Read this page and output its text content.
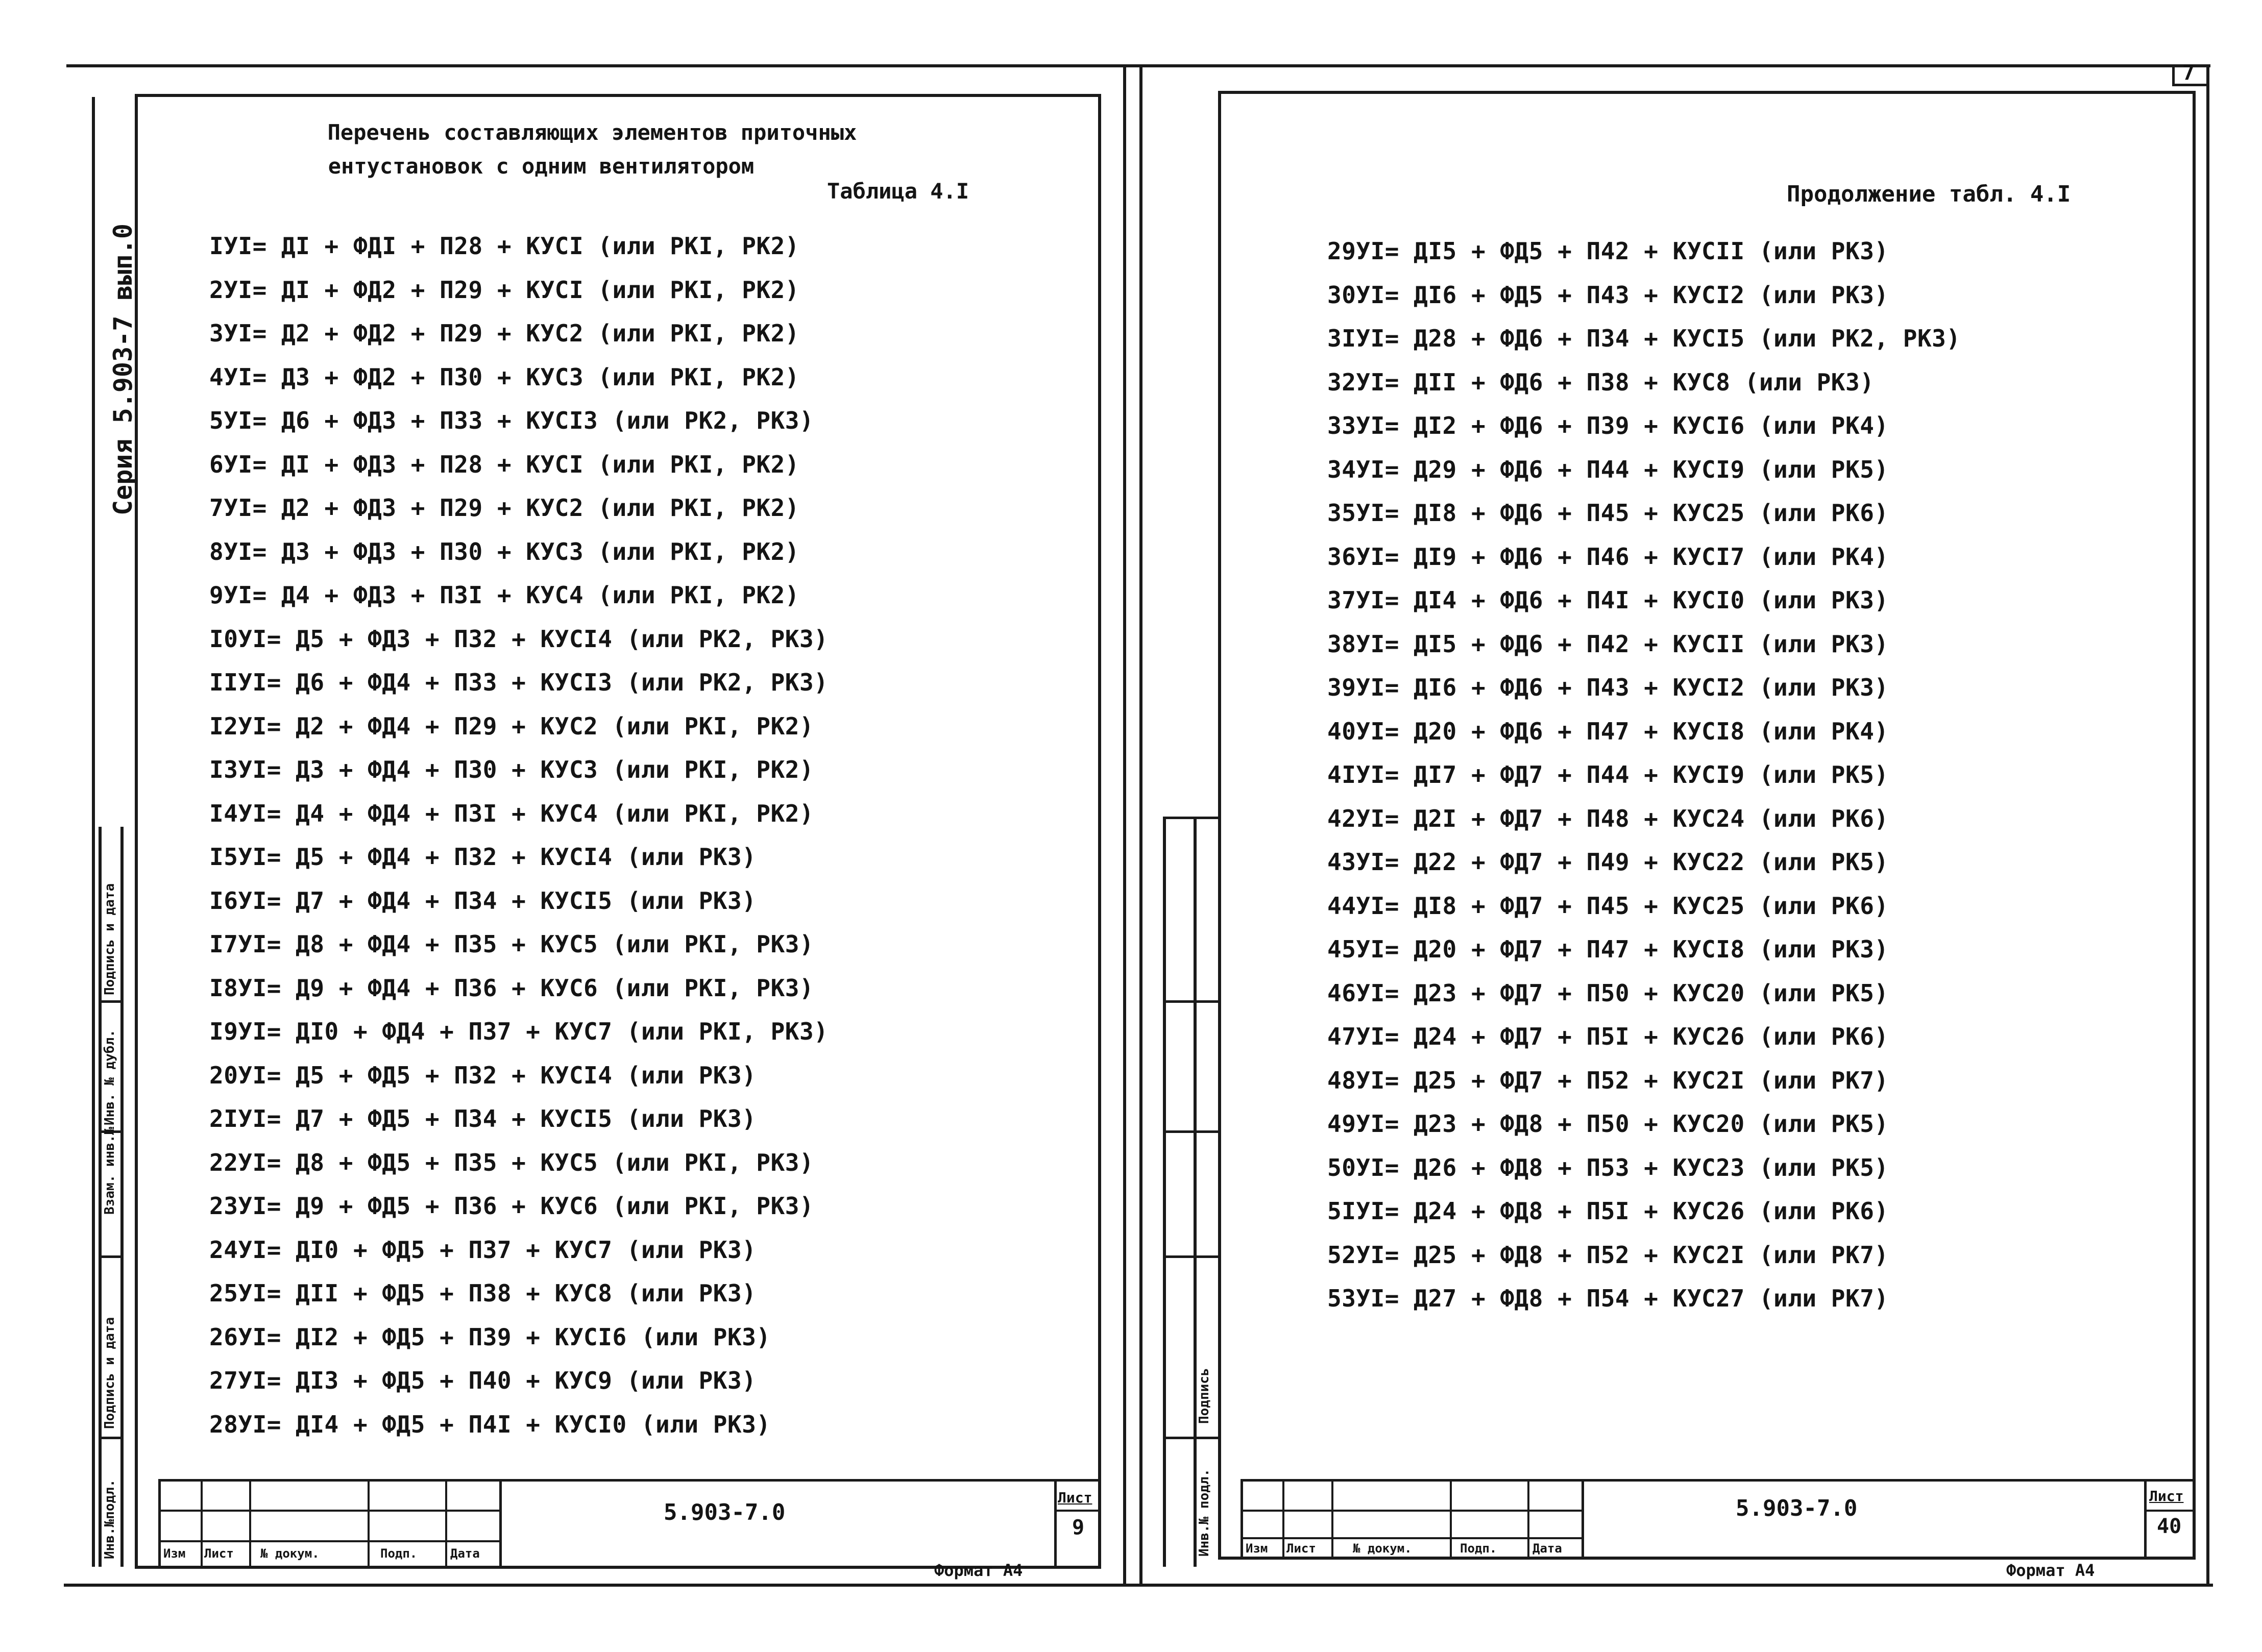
7
Серия 5.903-7 вып.0
Подпись и дата
Инв. № дубл.
Взам. инв.№
Подпись и дата
Инв.№подл.
Перечень составляющих элементов приточных
ентустановок с одним вентилятором
Таблица 4.I
IУI= ДI + ФДI + П28 + КУСI (или РКI, РК2)
2УI= ДI + ФД2 + П29 + КУСI (или РКI, РК2)
3УI= Д2 + ФД2 + П29 + КУС2 (или РКI, РК2)
4УI= Д3 + ФД2 + П30 + КУС3 (или РКI, РК2)
5УI= Д6 + ФД3 + П33 + КУСI3 (или РК2, РК3)
6УI= ДI + ФД3 + П28 + КУСI (или РКI, РК2)
7УI= Д2 + ФД3 + П29 + КУС2 (или РКI, РК2)
8УI= Д3 + ФД3 + П30 + КУС3 (или РКI, РК2)
9УI= Д4 + ФД3 + П3I + КУС4 (или РКI, РК2)
I0УI= Д5 + ФД3 + П32 + КУСI4 (или РК2, РК3)
IIУI= Д6 + ФД4 + П33 + КУСI3 (или РК2, РК3)
I2УI= Д2 + ФД4 + П29 + КУС2 (или РКI, РК2)
I3УI= Д3 + ФД4 + П30 + КУС3 (или РКI, РК2)
I4УI= Д4 + ФД4 + П3I + КУС4 (или РКI, РК2)
I5УI= Д5 + ФД4 + П32 + КУСI4 (или РК3)
I6УI= Д7 + ФД4 + П34 + КУСI5 (или РК3)
I7УI= Д8 + ФД4 + П35 + КУС5 (или РКI, РК3)
I8УI= Д9 + ФД4 + П36 + КУС6 (или РКI, РК3)
I9УI= ДI0 + ФД4 + П37 + КУС7 (или РКI, РК3)
20УI= Д5 + ФД5 + П32 + КУСI4 (или РК3)
2IУI= Д7 + ФД5 + П34 + КУСI5 (или РК3)
22УI= Д8 + ФД5 + П35 + КУС5 (или РКI, РК3)
23УI= Д9 + ФД5 + П36 + КУС6 (или РКI, РК3)
24УI= ДI0 + ФД5 + П37 + КУС7 (или РК3)
25УI= ДII + ФД5 + П38 + КУС8 (или РК3)
26УI= ДI2 + ФД5 + П39 + КУСI6 (или РК3)
27УI= ДI3 + ФД5 + П40 + КУС9 (или РК3)
28УI= ДI4 + ФД5 + П4I + КУСI0 (или РК3)
Изм Лист № докум.	Подп.	Дата
5.903-7.0
Лист
9
Формат А4
Подпись
Инв.№ подл.
Продолжение табл. 4.I
29УI= ДI5 + ФД5 + П42 + КУСII (или РК3)
30УI= ДI6 + ФД5 + П43 + КУСI2 (или РК3)
3IУI= Д28 + ФД6 + П34 + КУСI5 (или РК2, РК3)
32УI= ДII + ФД6 + П38 + КУС8 (или РК3)
33УI= ДI2 + ФД6 + П39 + КУСI6 (или РК4)
34УI= Д29 + ФД6 + П44 + КУСI9 (или РК5)
35УI= ДI8 + ФД6 + П45 + КУС25 (или РК6)
36УI= ДI9 + ФД6 + П46 + КУСI7 (или РК4)
37УI= ДI4 + ФД6 + П4I + КУСI0 (или РК3)
38УI= ДI5 + ФД6 + П42 + КУСII (или РК3)
39УI= ДI6 + ФД6 + П43 + КУСI2 (или РК3)
40УI= Д20 + ФД6 + П47 + КУСI8 (или РК4)
4IУI= ДI7 + ФД7 + П44 + КУСI9 (или РК5)
42УI= Д2I + ФД7 + П48 + КУС24 (или РК6)
43УI= Д22 + ФД7 + П49 + КУС22 (или РК5)
44УI= ДI8 + ФД7 + П45 + КУС25 (или РК6)
45УI= Д20 + ФД7 + П47 + КУСI8 (или РК3)
46УI= Д23 + ФД7 + П50 + КУС20 (или РК5)
47УI= Д24 + ФД7 + П5I + КУС26 (или РК6)
48УI= Д25 + ФД7 + П52 + КУС2I (или РК7)
49УI= Д23 + ФД8 + П50 + КУС20 (или РК5)
50УI= Д26 + ФД8 + П53 + КУС23 (или РК5)
5IУI= Д24 + ФД8 + П5I + КУС26 (или РК6)
52УI= Д25 + ФД8 + П52 + КУС2I (или РК7)
53УI= Д27 + ФД8 + П54 + КУС27 (или РК7)
Изм Лист	№ докум.	Подп.	Дата
5.903-7.0	Лист
40
Формат А4
